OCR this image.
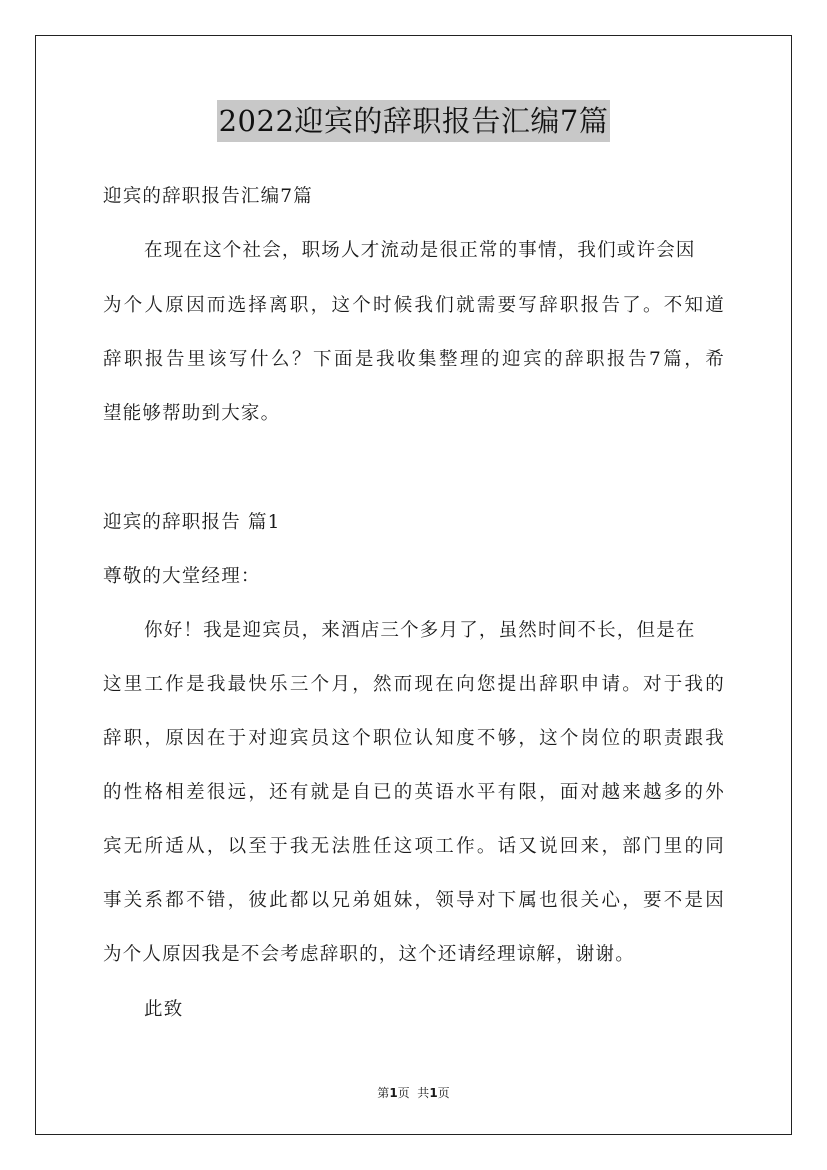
2022迎宾的辞职报告汇编7篇
迎宾的辞职报告汇编7篇
在现在这个社会，职场人才流动是很正常的事情，我们或许会因
为个人原因而选择离职，这个时候我们就需要写辞职报告了。不知道
辞职报告里该写什么？下面是我收集整理的迎宾的辞职报告7篇，希
望能够帮助到大家。
迎宾的辞职报告 篇1
尊敬的大堂经理：
你好！我是迎宾员，来酒店三个多月了，虽然时间不长，但是在
这里工作是我最快乐三个月，然而现在向您提出辞职申请。对于我的
辞职，原因在于对迎宾员这个职位认知度不够，这个岗位的职责跟我
的性格相差很远，还有就是自已的英语水平有限，面对越来越多的外
宾无所适从，以至于我无法胜任这项工作。话又说回来，部门里的同
事关系都不错，彼此都以兄弟姐妹，领导对下属也很关心，要不是因
为个人原因我是不会考虑辞职的，这个还请经理谅解，谢谢。
此致
第1页  共1页
